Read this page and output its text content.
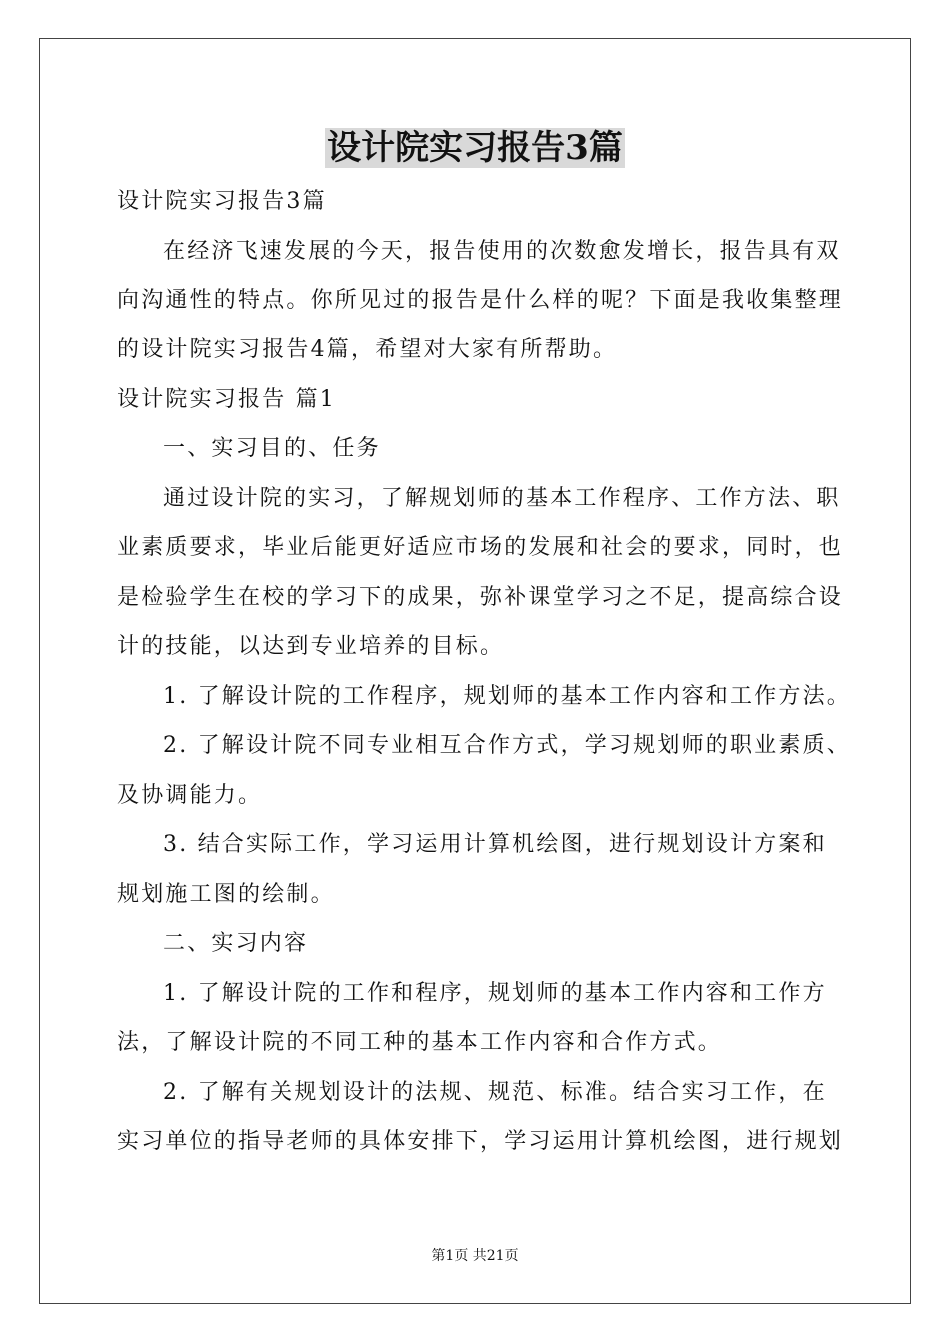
设计院实习报告3篇

设计院实习报告3篇

在经济飞速发展的今天，报告使用的次数愈发增长，报告具有双

向沟通性的特点。你所见过的报告是什么样的呢？下面是我收集整理

的设计院实习报告4篇，希望对大家有所帮助。

设计院实习报告 篇1

一、实习目的、任务

通过设计院的实习，了解规划师的基本工作程序、工作方法、职

业素质要求，毕业后能更好适应市场的发展和社会的要求，同时，也

是检验学生在校的学习下的成果，弥补课堂学习之不足，提高综合设

计的技能，以达到专业培养的目标。

1. 了解设计院的工作程序，规划师的基本工作内容和工作方法。

2. 了解设计院不同专业相互合作方式，学习规划师的职业素质、

及协调能力。

3. 结合实际工作，学习运用计算机绘图，进行规划设计方案和

规划施工图的绘制。

二、实习内容

1. 了解设计院的工作和程序，规划师的基本工作内容和工作方

法，了解设计院的不同工种的基本工作内容和合作方式。

2. 了解有关规划设计的法规、规范、标准。结合实习工作，在

实习单位的指导老师的具体安排下，学习运用计算机绘图，进行规划

第1页 共21页
